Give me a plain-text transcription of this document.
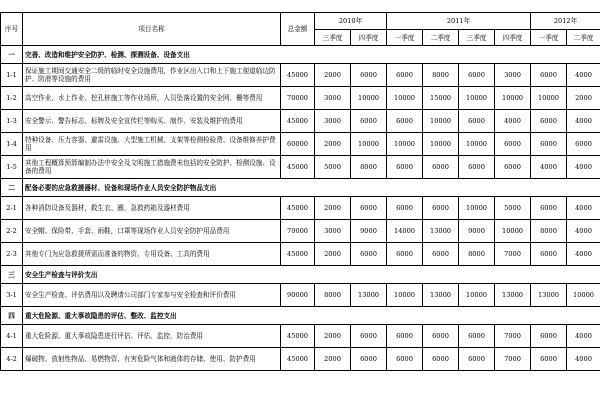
序号	项目名称	总金额	2010年		2011年				2012年	
			三季度	四季度	一季度	二季度	三季度	四季度	一季度	二季度
一	完善、改造和维护安全防护、检测、探测设备、设备支出									
1-1	保证施工期间交通安全二级的临时安全设施费用，作业区出入口和上下施工便道临边防护、防滑等设施的费用	45000	2000	6000	6000	8000	6000	3000	6000	4000
1-2	高空作业、水上作业、挖孔桩施工等作业场所，人员坠落设置的安全网、栅等费用	70000	3000	10000	10000	15000	10000	10000	10000	2000
1-3	安全警示、警告标志、标牌及安全宣传栏等购买、制作、安装及维护的费用	45000	3000	6000	6000	10000	6000	4000	6000	4000
1-4	特种设备、压力容器、避雷设施、大型施工机械、支架等检测检验费、设备维修养护费用	60000	2000	10000	10000	10000	10000	6000	6000	6000
1-5	其他工程概算预算编制办法中安全及文明施工措施费未包括的安全防护、检测设施、设备的费用	45000	5000	8000	6000	6000	6000	6000	4000	4000
二	配备必要的应急救援器材、设备和现场作业人员安全防护物品支出									
2-1	各种消防设备及器材，救生衣、圈，急救药箱及器材费用	45000	2000	6000	6000	6000	10000	5000	6000	4000
2-2	安全帽、保险带、手套、雨鞋，口罩等现场作业人员安全防护用品费用	70000	3000	9000	14000	13000	9000	10000	8000	4000
2-3	其他专门为应急救援所需而准备的物资、专用设备、工具的费用	45000	2000	6000	6000	6000	8000	7000	6000	4000
三	安全生产检查与评价支出									
3-1	安全生产检查、评估费用以及聘请公司部门专家参与安全检查和评价费用	90000	8000	13000	10000	13000	10000	13000	13000	10000
四	重大危险源、重大事故隐患的评估、整改、监控支出									
4-1	重大危险源、重大事故隐患进行评估、评估、监控、防治费用	45000	2000	6000	6000	6000	6000	7000	6000	4000
4-2	爆破物、放射性物品、易燃物资、有害危险气体和液体的存储、使用、防护费用	45000	2000	6000	6000	6000	6000	7000	6000	4000
